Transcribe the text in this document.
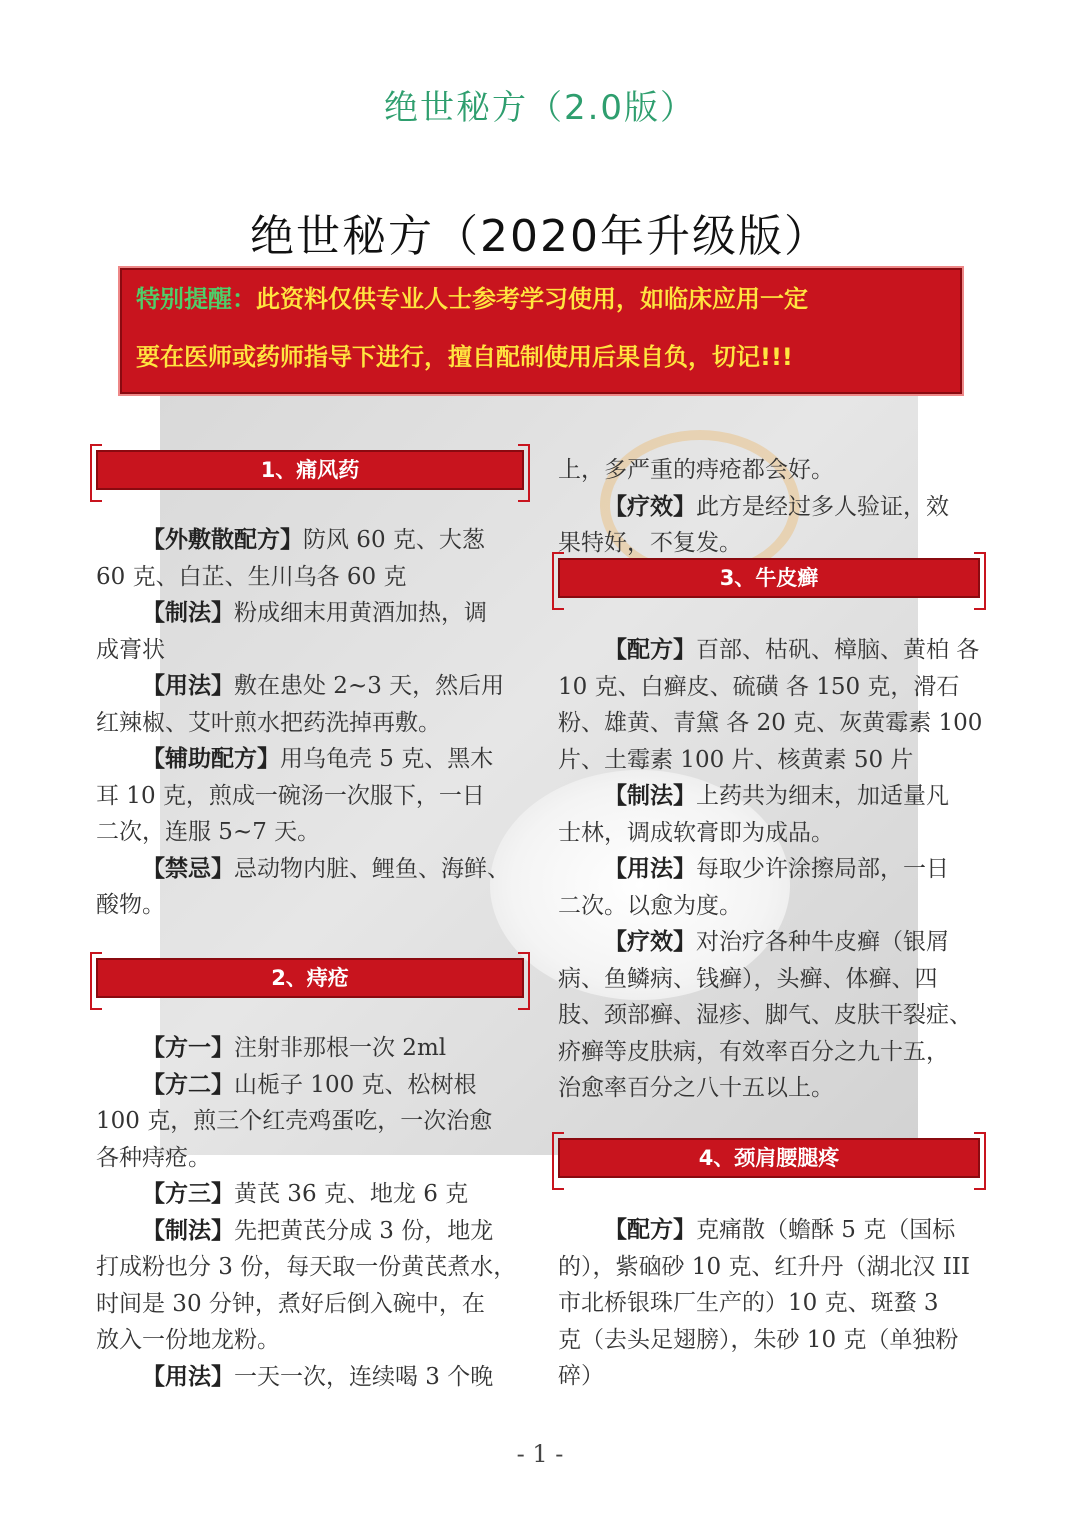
绝世秘方（2.0版）
绝世秘方（2020年升级版）

特别提醒：此资料仅供专业人士参考学习使用，如临床应用一定

要在医师或药师指导下进行，擅自配制使用后果自负，切记!!!

1、痛风药

【外敷散配方】防风 60 克、大葱

60 克、白芷、生川乌各 60 克

【制法】粉成细末用黄酒加热，调

成膏状

【用法】敷在患处 2~3 天，然后用

红辣椒、艾叶煎水把药洗掉再敷。

【辅助配方】用乌龟壳 5 克、黑木

耳 10 克，煎成一碗汤一次服下，一日

二次，连服 5~7 天。

【禁忌】忌动物内脏、鲤鱼、海鲜、

酸物。

2、痔疮

【方一】注射非那根一次 2ml

【方二】山栀子 100 克、松树根

100 克，煎三个红壳鸡蛋吃，一次治愈

各种痔疮。

【方三】黄芪 36 克、地龙 6 克

【制法】先把黄芪分成 3 份，地龙

打成粉也分 3 份，每天取一份黄芪煮水，

时间是 30 分钟，煮好后倒入碗中，在

放入一份地龙粉。

【用法】一天一次，连续喝 3 个晚

上，多严重的痔疮都会好。

【疗效】此方是经过多人验证，效

果特好，不复发。

3、牛皮癣

【配方】百部、枯矾、樟脑、黄柏 各

10 克、白癣皮、硫磺 各 150 克，滑石

粉、雄黄、青黛 各 20 克、灰黄霉素 100

片、土霉素 100 片、核黄素 50 片

【制法】上药共为细末，加适量凡

士林，调成软膏即为成品。

【用法】每取少许涂擦局部，一日

二次。以愈为度。

【疗效】对治疗各种牛皮癣（银屑

病、鱼鳞病、钱癣），头癣、体癣、四

肢、颈部癣、湿疹、脚气、皮肤干裂症、

疥癣等皮肤病，有效率百分之九十五，

治愈率百分之八十五以上。

4、颈肩腰腿疼

【配方】克痛散（蟾酥 5 克（国标

的），紫硇砂 10 克、红升丹（湖北汉 III

市北桥银珠厂生产的）10 克、斑蝥 3

克（去头足翅膀），朱砂 10 克（单独粉

碎）

- 1 -
